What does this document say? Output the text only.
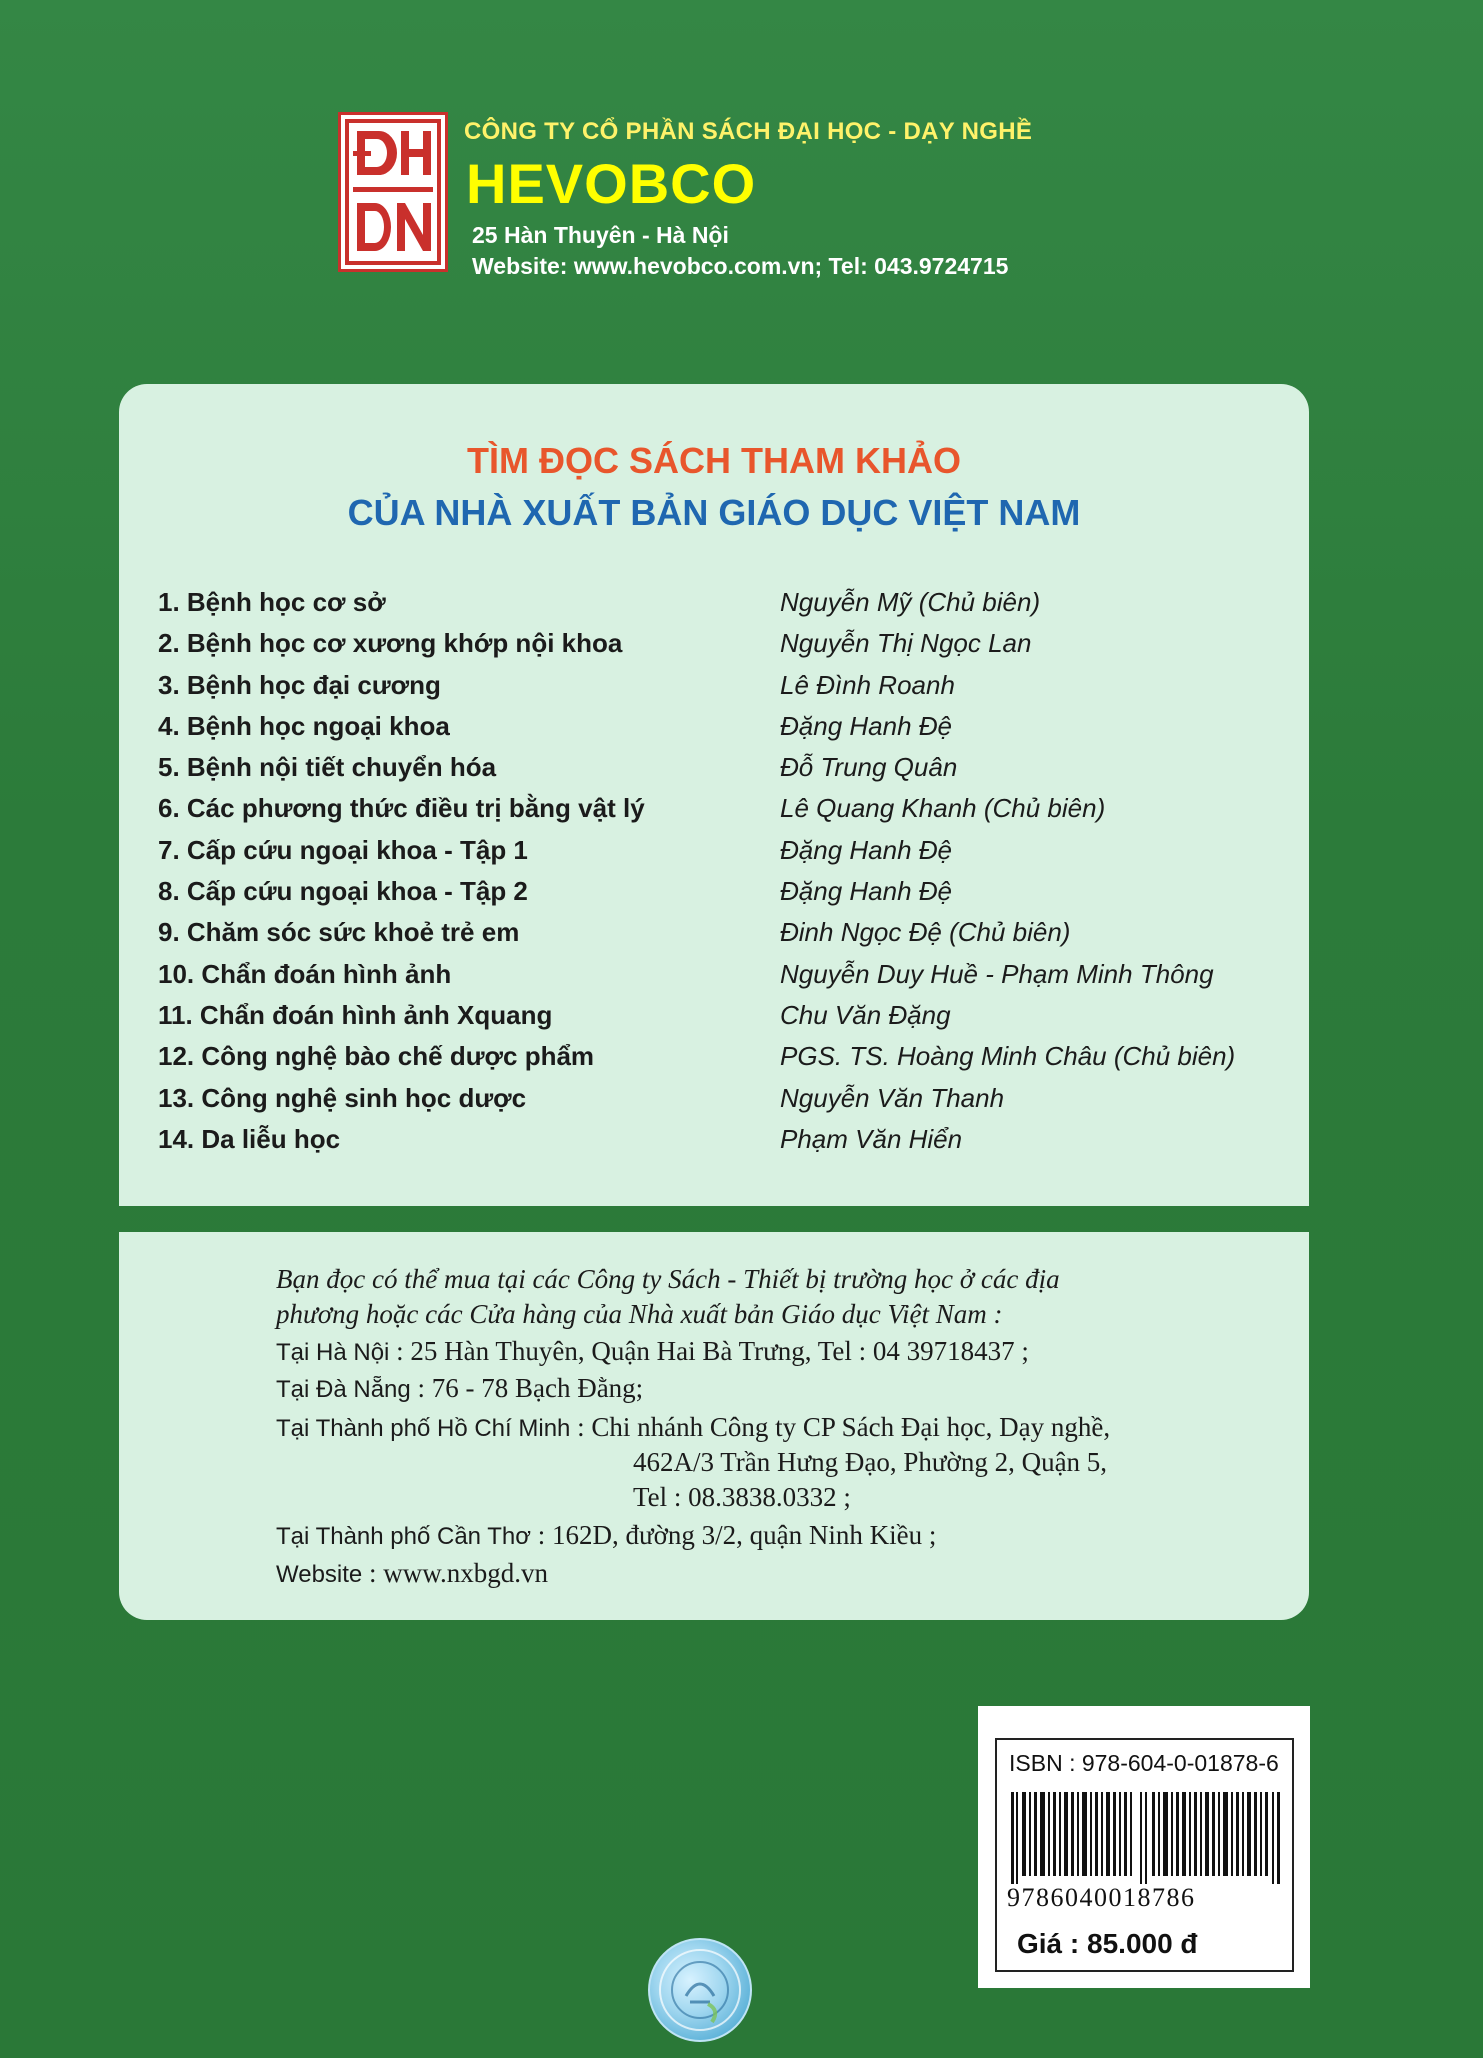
CÔNG TY CỔ PHẦN SÁCH ĐẠI HỌC - DẠY NGHỀ
HEVOBCO
25 Hàn Thuyên - Hà Nội
Website: www.hevobco.com.vn; Tel: 043.9724715
TÌM ĐỌC SÁCH THAM KHẢO
CỦA NHÀ XUẤT BẢN GIÁO DỤC VIỆT NAM
1. Bệnh học cơ sở	Nguyễn Mỹ (Chủ biên)
2. Bệnh học cơ xương khớp nội khoa	Nguyễn Thị Ngọc Lan
3. Bệnh học đại cương	Lê Đình Roanh
4. Bệnh học ngoại khoa	Đặng Hanh Đệ
5. Bệnh nội tiết chuyển hóa	Đỗ Trung Quân
6. Các phương thức điều trị bằng vật lý	Lê Quang Khanh (Chủ biên)
7. Cấp cứu ngoại khoa - Tập 1	Đặng Hanh Đệ
8. Cấp cứu ngoại khoa - Tập 2	Đặng Hanh Đệ
9. Chăm sóc sức khoẻ trẻ em	Đinh Ngọc Đệ (Chủ biên)
10. Chẩn đoán hình ảnh	Nguyễn Duy Huề - Phạm Minh Thông
11. Chẩn đoán hình ảnh Xquang	Chu Văn Đặng
12. Công nghệ bào chế dược phẩm	PGS. TS. Hoàng Minh Châu (Chủ biên)
13. Công nghệ sinh học dược	Nguyễn Văn Thanh
14. Da liễu học	Phạm Văn Hiển
Bạn đọc có thể mua tại các Công ty Sách - Thiết bị trường học ở các địa
phương hoặc các Cửa hàng của Nhà xuất bản Giáo dục Việt Nam :
Tại Hà Nội : 25 Hàn Thuyên, Quận Hai Bà Trưng, Tel : 04 39718437 ;
Tại Đà Nẵng : 76 - 78 Bạch Đằng;
Tại Thành phố Hồ Chí Minh : Chi nhánh Công ty CP Sách Đại học, Dạy nghề,
462A/3 Trần Hưng Đạo, Phường 2, Quận 5,
Tel : 08.3838.0332 ;
Tại Thành phố Cần Thơ : 162D, đường 3/2, quận Ninh Kiều ;
Website : www.nxbgd.vn
ISBN : 978-604-0-01878-6
9786040018786
Giá : 85.000 đ
